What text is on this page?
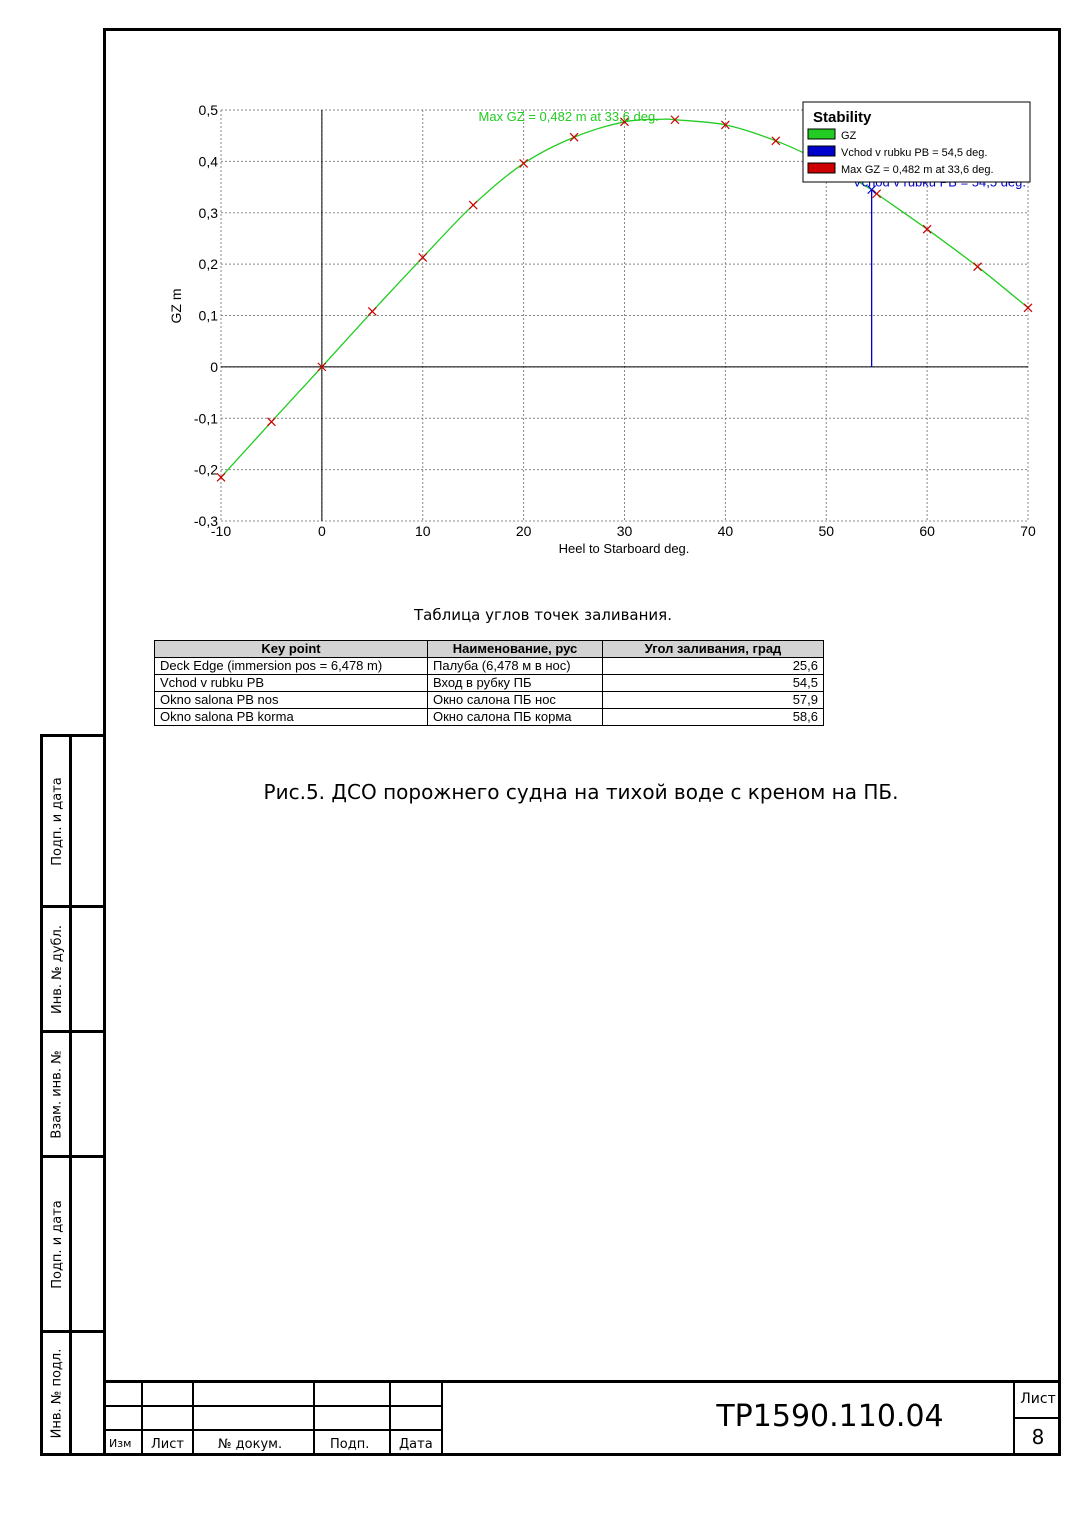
-10	0	10	20	30	40	50	60	70
-0,3
-0,2
-0,1
0
0,1
0,2
0,3
0,4
0,5	Max GZ = 0,482 m at 33,6 deg.	Stability
GZ
Vchod v rubku PB = 54,5 deg.
Max GZ = 0,482 m at 33,6 deg.
Heel to Starboard deg.
GZ m
Таблица углов точек заливания.
Key point	Наименование, рус	Угол заливания, град
Deck Edge (immersion pos = 6,478 m)	Палуба (6,478 м в нос)	25,6
Vchod v rubku PB	Вход в рубку ПБ	54,5
Okno salona PB nos	Окно салона ПБ нос	57,9
Okno salona PB korma	Окно салона ПБ корма	58,6
Рис.5. ДСО порожнего судна на тихой воде с креном на ПБ.
Подп. и дата
Инв. № дубл.
Взам. инв. №
Подп. и дата
Инв. № подл.
Изм Лист	№ докум.	Подп. Дата
ТР1590.110.04	Лист
8
